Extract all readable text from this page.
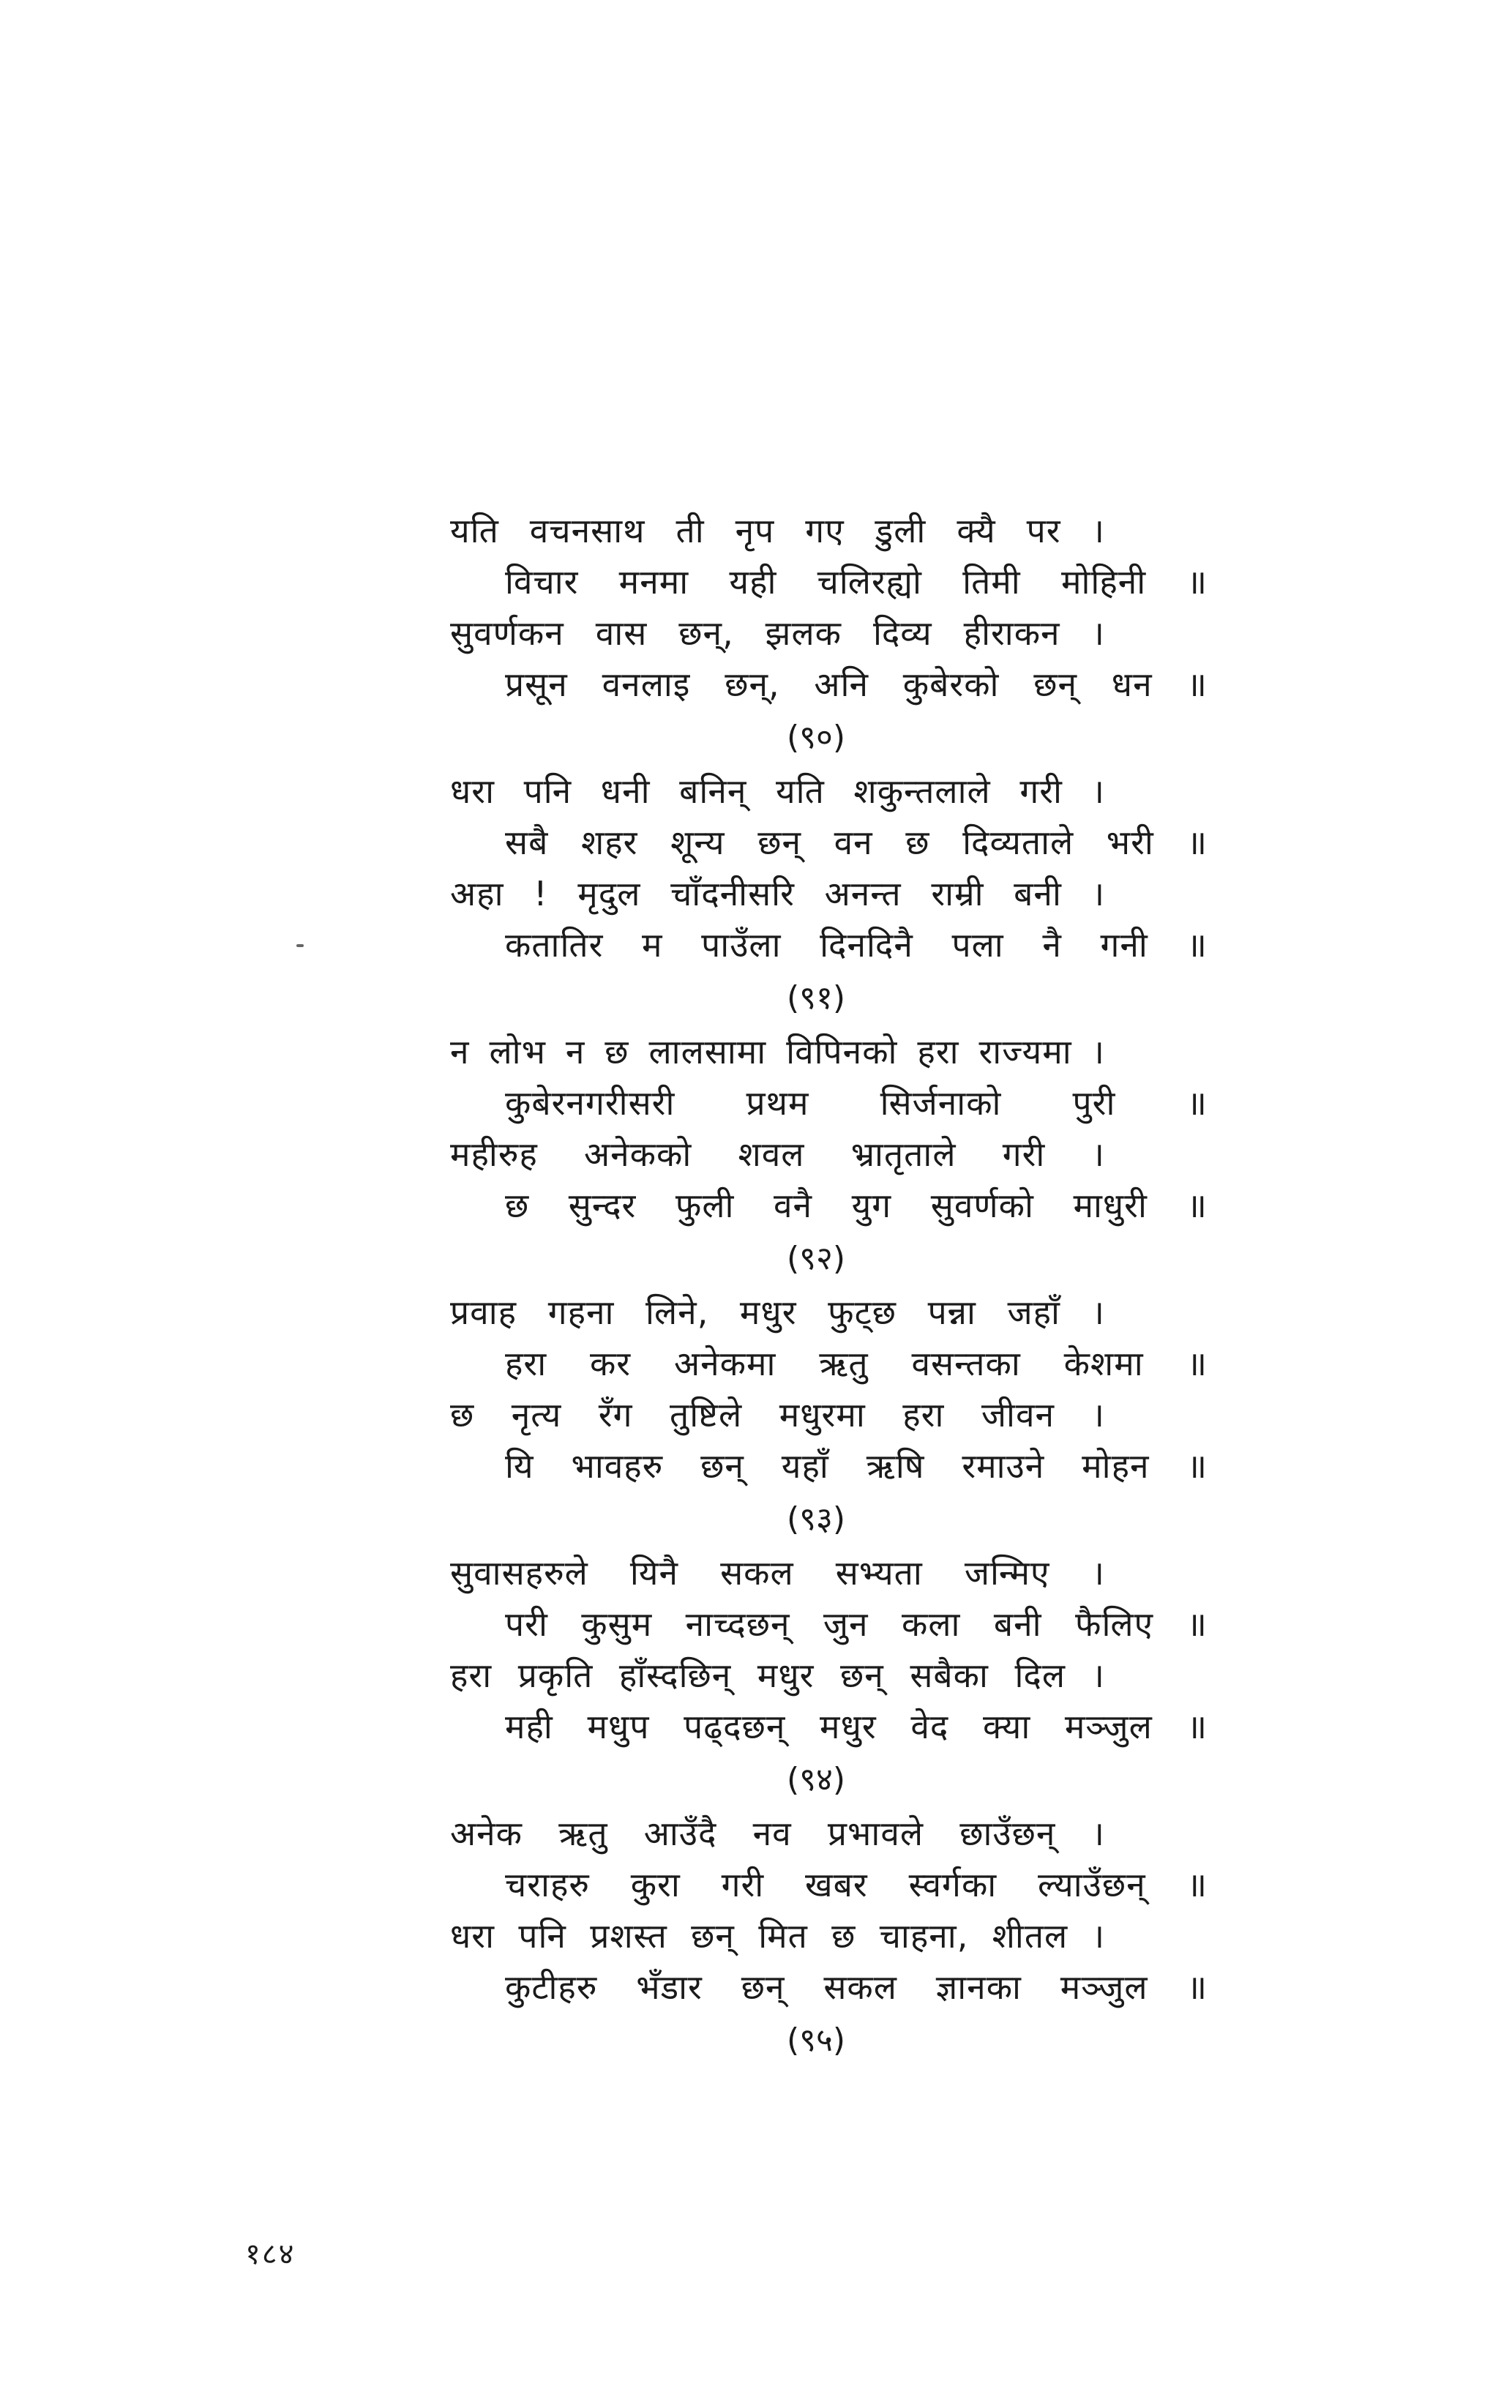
यति वचनसाथ ती नृप गए डुली क्यै पर ।
विचार मनमा यही चलिरह्यो तिमी मोहिनी ॥
सुवर्णकन वास छन्, झलक दिव्य हीराकन ।
प्रसून वनलाइ छन्, अनि कुबेरको छन् धन ॥
(९०)
धरा पनि धनी बनिन् यति शकुन्तलाले गरी ।
सबै शहर शून्य छन् वन छ दिव्यताले भरी ॥
अहा ! मृदुल चाँदनीसरि अनन्त राम्री बनी ।
कतातिर म पाउँला दिनदिनै पला नै गनी ॥
(९१)
न लोभ न छ लालसामा विपिनको हरा राज्यमा ।
कुबेरनगरीसरी प्रथम सिर्जनाको पुरी ॥
महीरुह अनेकको शवल भ्रातृताले गरी ।
छ सुन्दर फुली वनै युग सुवर्णको माधुरी ॥
(९२)
प्रवाह गहना लिने, मधुर फुट्छ पन्ना जहाँ ।
हरा कर अनेकमा ऋतु वसन्तका केशमा ॥
छ नृत्य रँग तुष्टिले मधुरमा हरा जीवन ।
यि भावहरु छन् यहाँ ऋषि रमाउने मोहन ॥
(९३)
सुवासहरुले यिनै सकल सभ्यता जन्मिए ।
परी कुसुम नाच्दछन् जुन कला बनी फैलिए ॥
हरा प्रकृति हाँस्दछिन् मधुर छन् सबैका दिल ।
मही मधुप पढ्दछन् मधुर वेद क्या मञ्जुल ॥
(९४)
अनेक ऋतु आउँदै नव प्रभावले छाउँछन् ।
चराहरु कुरा गरी खबर स्वर्गका ल्याउँछन् ॥
धरा पनि प्रशस्त छन् मित छ चाहना, शीतल ।
कुटीहरु भँडार छन् सकल ज्ञानका मञ्जुल ॥
(९५)
१८४
